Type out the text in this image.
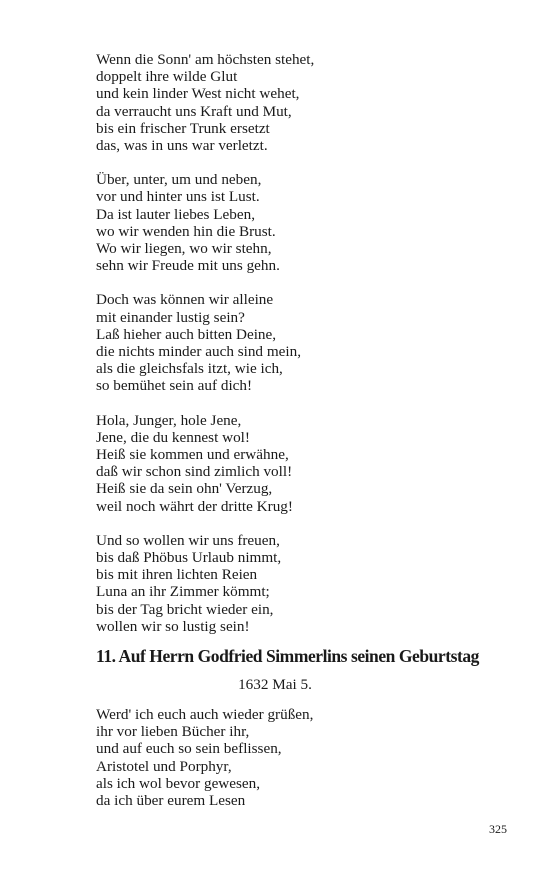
Wenn die Sonn' am höchsten stehet,
doppelt ihre wilde Glut
und kein linder West nicht wehet,
da verraucht uns Kraft und Mut,
bis ein frischer Trunk ersetzt
das, was in uns war verletzt.
Über, unter, um und neben,
vor und hinter uns ist Lust.
Da ist lauter liebes Leben,
wo wir wenden hin die Brust.
Wo wir liegen, wo wir stehn,
sehn wir Freude mit uns gehn.
Doch was können wir alleine
mit einander lustig sein?
Laß hieher auch bitten Deine,
die nichts minder auch sind mein,
als die gleichsfals itzt, wie ich,
so bemühet sein auf dich!
Hola, Junger, hole Jene,
Jene, die du kennest wol!
Heiß sie kommen und erwähne,
daß wir schon sind zimlich voll!
Heiß sie da sein ohn' Verzug,
weil noch währt der dritte Krug!
Und so wollen wir uns freuen,
bis daß Phöbus Urlaub nimmt,
bis mit ihren lichten Reien
Luna an ihr Zimmer kömmt;
bis der Tag bricht wieder ein,
wollen wir so lustig sein!
11. Auf Herrn Godfried Simmerlins seinen Geburtstag
1632 Mai 5.
Werd' ich euch auch wieder grüßen,
ihr vor lieben Bücher ihr,
und auf euch so sein beflissen,
Aristotel und Porphyr,
als ich wol bevor gewesen,
da ich über eurem Lesen
325
